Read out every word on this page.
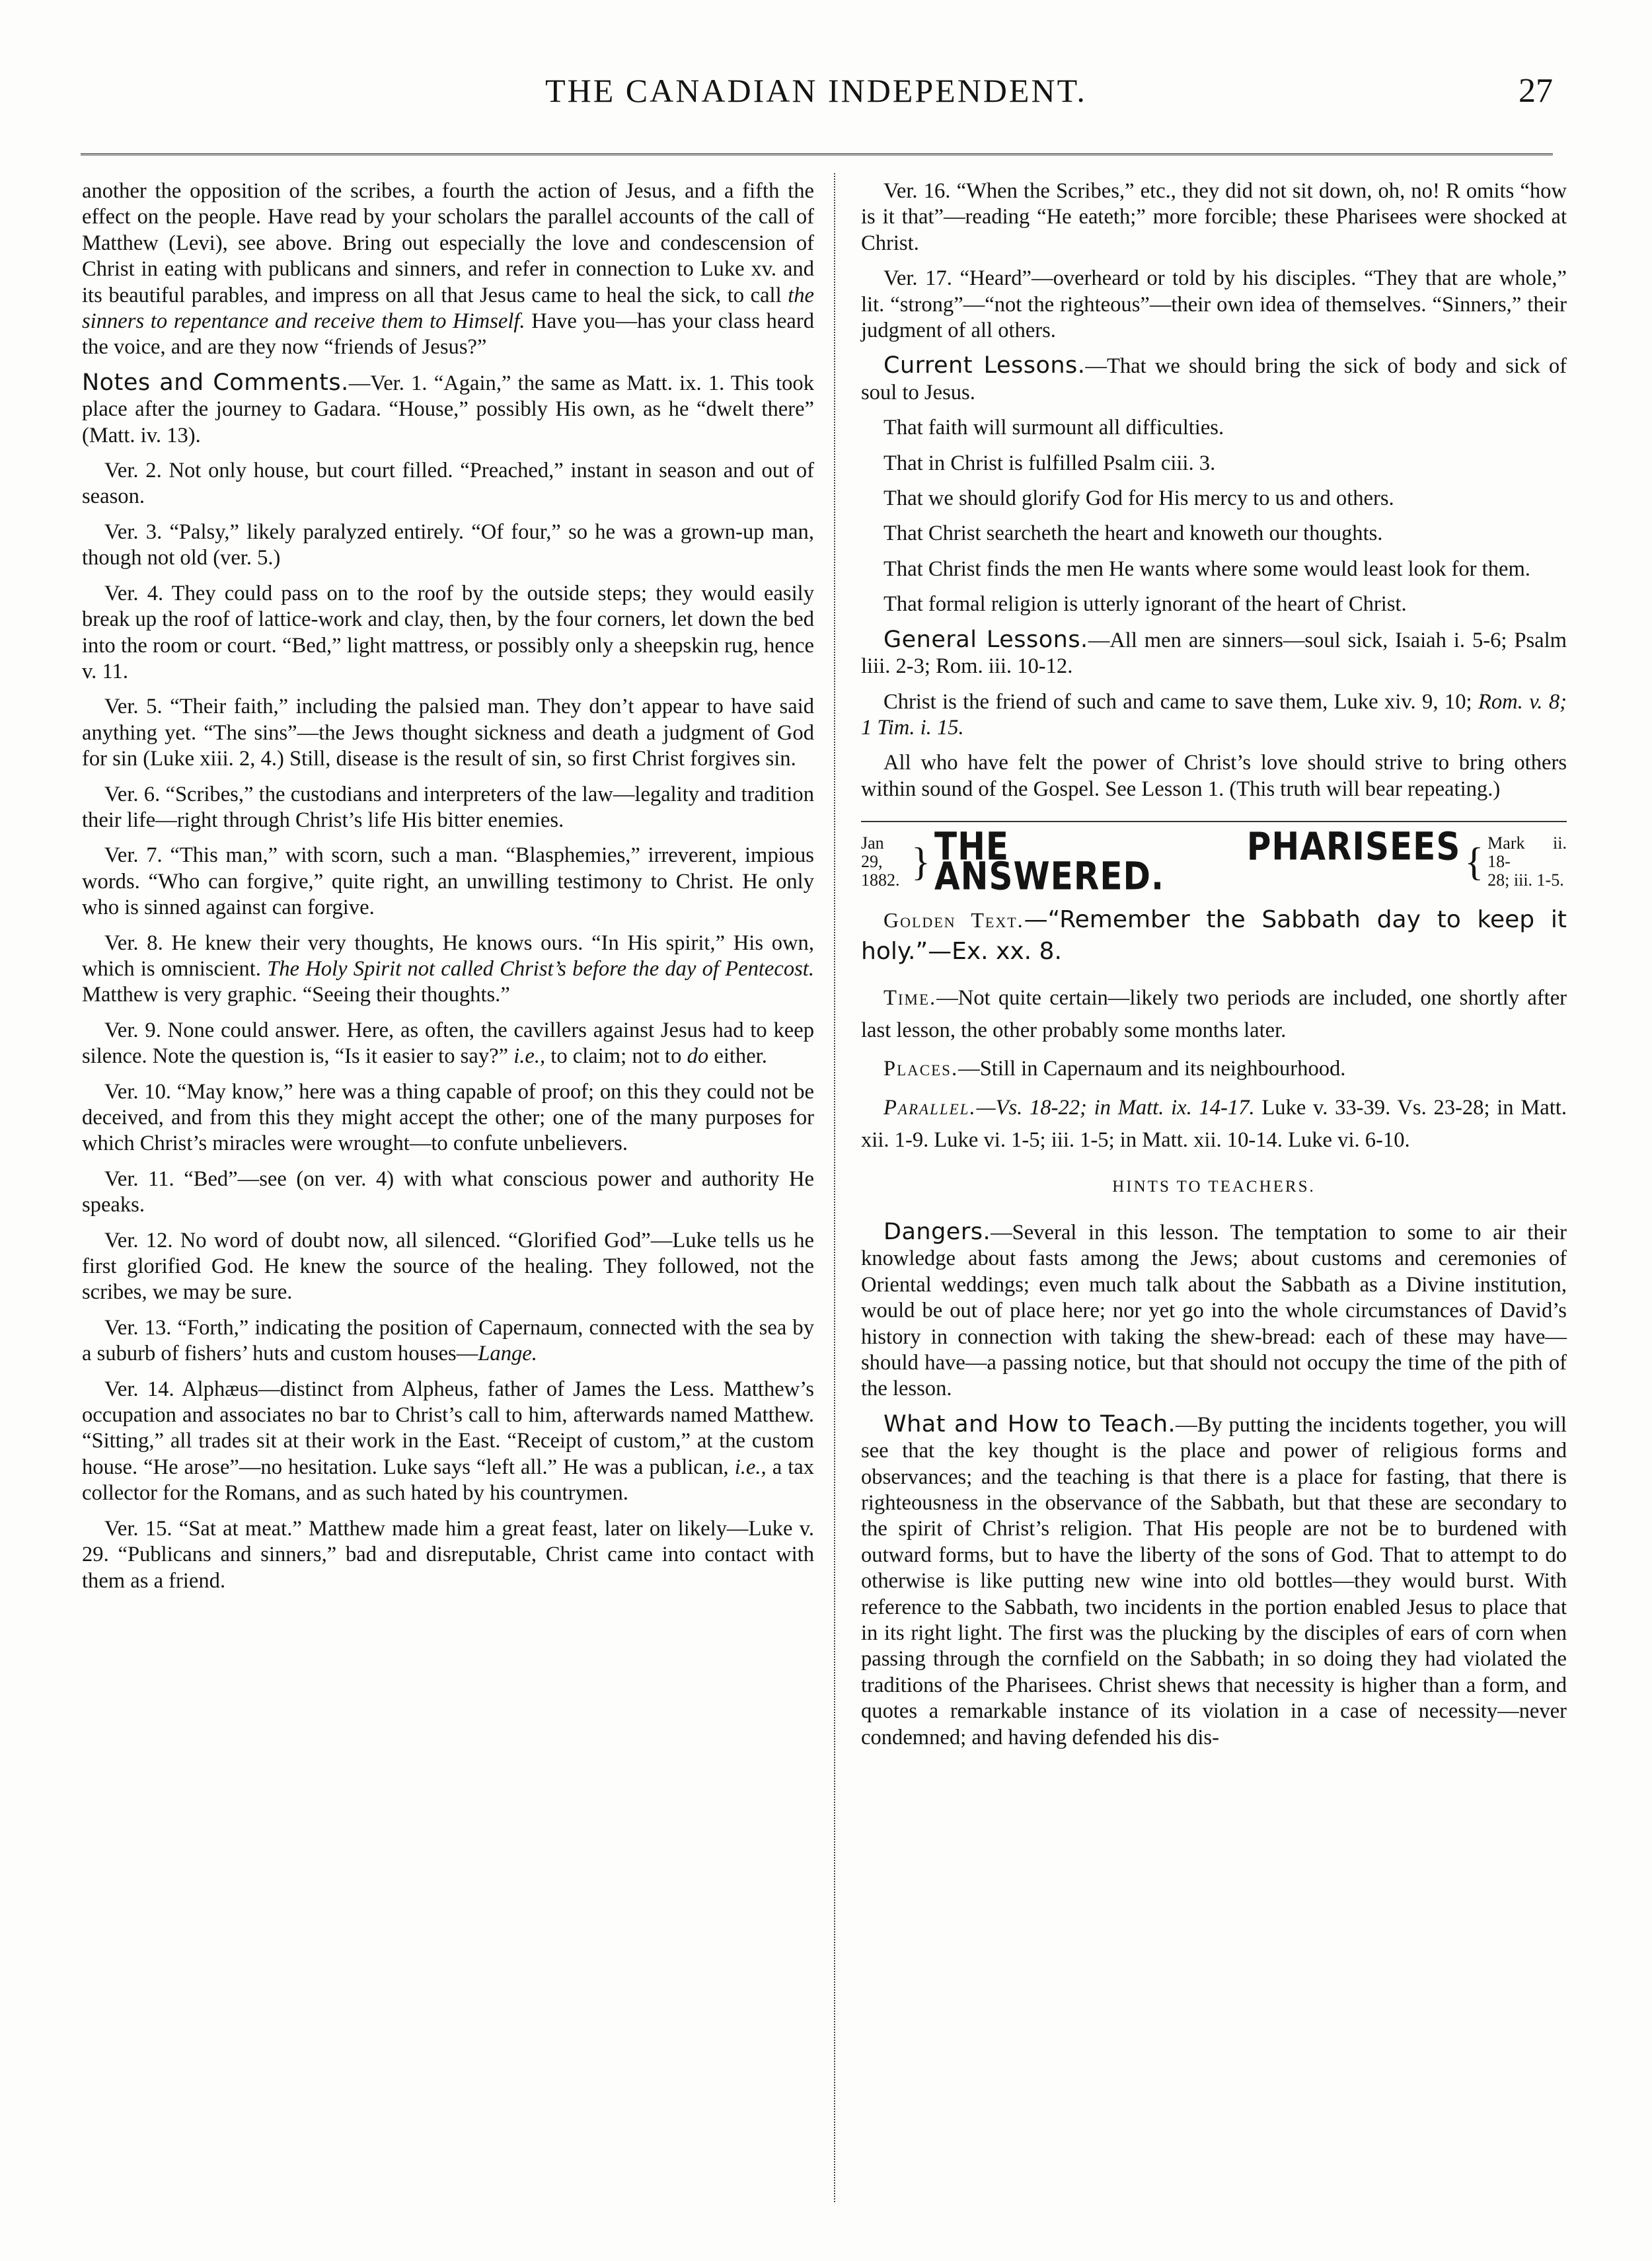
THE CANADIAN INDEPENDENT.	27

another the opposition of the scribes, a fourth the action of Jesus, and a fifth the effect on the people. Have read by your scholars the parallel accounts of the call of Matthew (Levi), see above. Bring out especially the love and condescension of Christ in eating with publicans and sinners, and refer in connection to Luke xv. and its beautiful parables, and impress on all that Jesus came to heal the sick, to call the sinners to repentance and receive them to Himself. Have you—has your class heard the voice, and are they now “friends of Jesus?”

Notes and Comments.—Ver. 1. “Again,” the same as Matt. ix. 1. This took place after the journey to Gadara. “House,” possibly His own, as he “dwelt there” (Matt. iv. 13).

Ver. 2. Not only house, but court filled. “Preached,” instant in season and out of season.

Ver. 3. “Palsy,” likely paralyzed entirely. “Of four,” so he was a grown-up man, though not old (ver. 5.)

Ver. 4. They could pass on to the roof by the outside steps; they would easily break up the roof of lattice-work and clay, then, by the four corners, let down the bed into the room or court. “Bed,” light mattress, or possibly only a sheepskin rug, hence v. 11.

Ver. 5. “Their faith,” including the palsied man. They don’t appear to have said anything yet. “The sins”—the Jews thought sickness and death a judgment of God for sin (Luke xiii. 2, 4.) Still, disease is the result of sin, so first Christ forgives sin.

Ver. 6. “Scribes,” the custodians and interpreters of the law—legality and tradition their life—right through Christ’s life His bitter enemies.

Ver. 7. “This man,” with scorn, such a man. “Blasphemies,” irreverent, impious words. “Who can forgive,” quite right, an unwilling testimony to Christ. He only who is sinned against can forgive.

Ver. 8. He knew their very thoughts, He knows ours. “In His spirit,” His own, which is omniscient. The Holy Spirit not called Christ’s before the day of Pentecost. Matthew is very graphic. “Seeing their thoughts.”

Ver. 9. None could answer. Here, as often, the cavillers against Jesus had to keep silence. Note the question is, “Is it easier to say?” i.e., to claim; not to do either.

Ver. 10. “May know,” here was a thing capable of proof; on this they could not be deceived, and from this they might accept the other; one of the many purposes for which Christ’s miracles were wrought—to confute unbelievers.

Ver. 11. “Bed”—see (on ver. 4) with what conscious power and authority He speaks.

Ver. 12. No word of doubt now, all silenced. “Glorified God”—Luke tells us he first glorified God. He knew the source of the healing. They followed, not the scribes, we may be sure.

Ver. 13. “Forth,” indicating the position of Capernaum, connected with the sea by a suburb of fishers’ huts and custom houses—Lange.

Ver. 14. Alphæus—distinct from Alpheus, father of James the Less. Matthew’s occupation and associates no bar to Christ’s call to him, afterwards named Matthew. “Sitting,” all trades sit at their work in the East. “Receipt of custom,” at the custom house. “He arose”—no hesitation. Luke says “left all.” He was a publican, i.e., a tax collector for the Romans, and as such hated by his countrymen.

Ver. 15. “Sat at meat.” Matthew made him a great feast, later on likely—Luke v. 29. “Publicans and sinners,” bad and disreputable, Christ came into contact with them as a friend.

Ver. 16. “When the Scribes,” etc., they did not sit down, oh, no! R omits “how is it that”—reading “He eateth;” more forcible; these Pharisees were shocked at Christ.

Ver. 17. “Heard”—overheard or told by his disciples. “They that are whole,” lit. “strong”—“not the righteous”—their own idea of themselves. “Sinners,” their judgment of all others.

Current Lessons.—That we should bring the sick of body and sick of soul to Jesus.

That faith will surmount all difficulties.

That in Christ is fulfilled Psalm ciii. 3.

That we should glorify God for His mercy to us and others.

That Christ searcheth the heart and knoweth our thoughts.

That Christ finds the men He wants where some would least look for them.

That formal religion is utterly ignorant of the heart of Christ.

General Lessons.—All men are sinners—soul sick, Isaiah i. 5-6; Psalm liii. 2-3; Rom. iii. 10-12.

Christ is the friend of such and came to save them, Luke xiv. 9, 10; Rom. v. 8; 1 Tim. i. 15.

All who have felt the power of Christ’s love should strive to bring others within sound of the Gospel. See Lesson 1. (This truth will bear repeating.)

Jan 29,
1882. } THE PHARISEES ANSWERED.	{ Mark ii. 18-
28; iii. 1-5.

Golden Text.—“Remember the Sabbath day to keep it holy.”—Ex. xx. 8.

Time.—Not quite certain—likely two periods are included, one shortly after last lesson, the other probably some months later.

Places.—Still in Capernaum and its neighbourhood.

Parallel.—Vs. 18-22; in Matt. ix. 14-17. Luke v. 33-39. Vs. 23-28; in Matt. xii. 1-9. Luke vi. 1-5; iii. 1-5; in Matt. xii. 10-14. Luke vi. 6-10.

HINTS TO TEACHERS.

Dangers.—Several in this lesson. The temptation to some to air their knowledge about fasts among the Jews; about customs and ceremonies of Oriental weddings; even much talk about the Sabbath as a Divine institution, would be out of place here; nor yet go into the whole circumstances of David’s history in connection with taking the shew-bread: each of these may have—should have—a passing notice, but that should not occupy the time of the pith of the lesson.

What and How to Teach.—By putting the incidents together, you will see that the key thought is the place and power of religious forms and observances; and the teaching is that there is a place for fasting, that there is righteousness in the observance of the Sabbath, but that these are secondary to the spirit of Christ’s religion. That His people are not be to burdened with outward forms, but to have the liberty of the sons of God. That to attempt to do otherwise is like putting new wine into old bottles—they would burst. With reference to the Sabbath, two incidents in the portion enabled Jesus to place that in its right light. The first was the plucking by the disciples of ears of corn when passing through the cornfield on the Sabbath; in so doing they had violated the traditions of the Pharisees. Christ shews that necessity is higher than a form, and quotes a remarkable instance of its violation in a case of necessity—never condemned; and having defended his dis-
